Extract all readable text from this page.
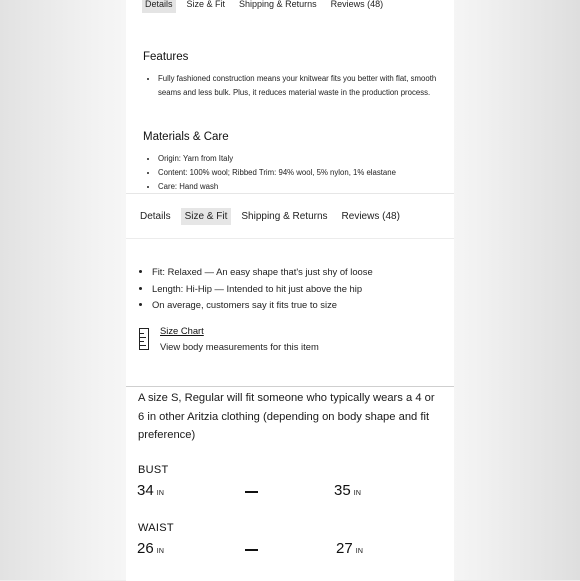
Details	Size & Fit	Shipping & Returns	Reviews (48)
Features
• Fully fashioned construction means your knitwear fits you better with flat, smooth seams and less bulk. Plus, it reduces material waste in the production process.
Materials & Care
• Origin: Yarn from Italy
• Content: 100% wool; Ribbed Trim: 94% wool, 5% nylon, 1% elastane
• Care: Hand wash
Details	Size & Fit	Shipping & Returns	Reviews (48)
• Fit: Relaxed — An easy shape that's just shy of loose
• Length: Hi-Hip — Intended to hit just above the hip
• On average, customers say it fits true to size
Size Chart
View body measurements for this item
A size S, Regular will fit someone who typically wears a 4 or 6 in other Aritzia clothing (depending on body shape and fit preference)
BUST
34 IN	35 IN
WAIST
26 IN	27 IN
